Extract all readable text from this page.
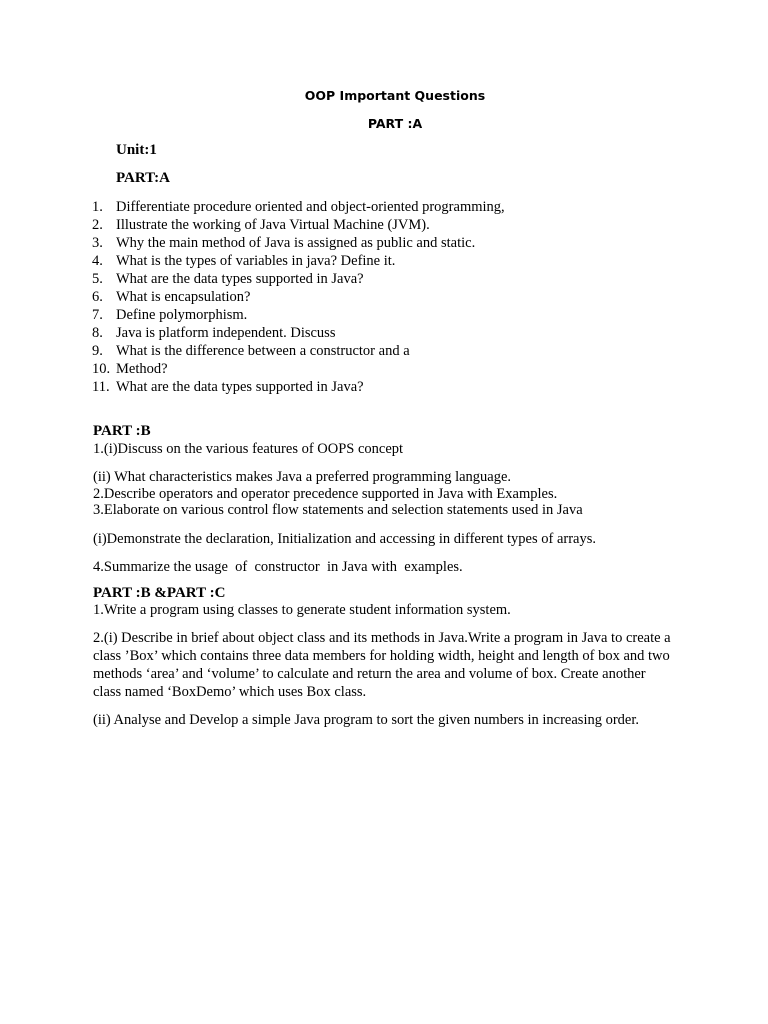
OOP Important Questions
PART :A
Unit:1
PART:A
1. Differentiate procedure oriented and object-oriented programming,
2. Illustrate the working of Java Virtual Machine (JVM).
3. Why the main method of Java is assigned as public and static.
4. What is the types of variables in java? Define it.
5. What are the data types supported in Java?
6. What is encapsulation?
7. Define polymorphism.
8. Java is platform independent. Discuss
9. What is the difference between a constructor and a
10. Method?
11. What are the data types supported in Java?
PART :B
1.(i)Discuss on the various features of OOPS concept
(ii) What characteristics makes Java a preferred programming language.
2.Describe operators and operator precedence supported in Java with Examples.
3.Elaborate on various control flow statements and selection statements used in Java
(i)Demonstrate the declaration, Initialization and accessing in different types of arrays.
4.Summarize the usage  of  constructor  in Java with  examples.
PART :B &PART :C
1.Write a program using classes to generate student information system.
2.(i) Describe in brief about object class and its methods in Java.Write a program in Java to create a class ’Box’ which contains three data members for holding width, height and length of box and two methods ‘area’ and ‘volume’ to calculate and return the area and volume of box. Create another class named ‘BoxDemo’ which uses Box class.
(ii) Analyse and Develop a simple Java program to sort the given numbers in increasing order.
